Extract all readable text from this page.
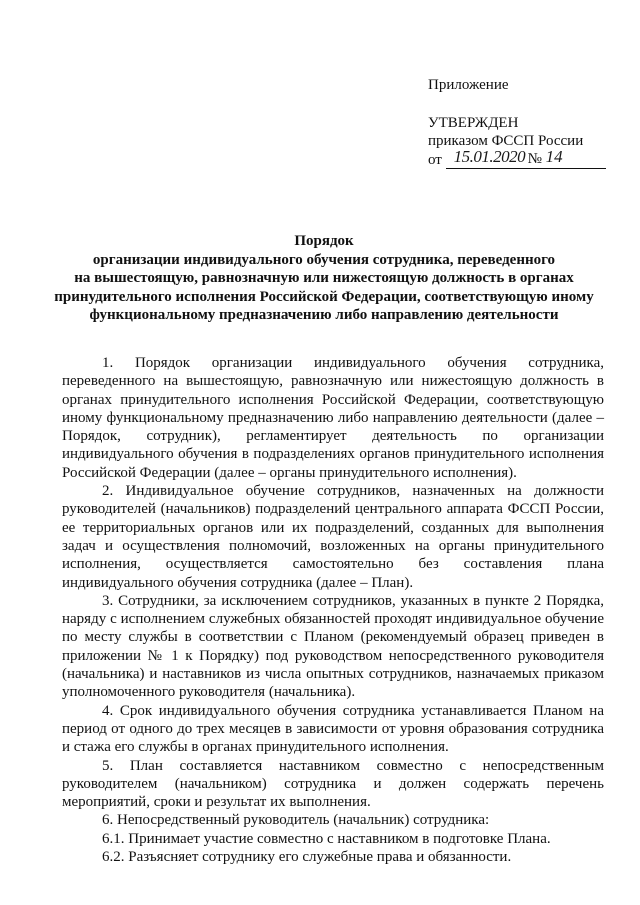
Приложение
УТВЕРЖДЕН
приказом ФССП России
от 15.01.2020 № 14
Порядок
организации индивидуального обучения сотрудника, переведенного
на вышестоящую, равнозначную или нижестоящую должность в органах
принудительного исполнения Российской Федерации, соответствующую иному
функциональному предназначению либо направлению деятельности

1. Порядок организации индивидуального обучения сотрудника, переведенного на вышестоящую, равнозначную или нижестоящую должность в органах принудительного исполнения Российской Федерации, соответствующую иному функциональному предназначению либо направлению деятельности (далее – Порядок, сотрудник), регламентирует деятельность по организации индивидуального обучения в подразделениях органов принудительного исполнения Российской Федерации (далее – органы принудительного исполнения).

2. Индивидуальное обучение сотрудников, назначенных на должности руководителей (начальников) подразделений центрального аппарата ФССП России, ее территориальных органов или их подразделений, созданных для выполнения задач и осуществления полномочий, возложенных на органы принудительного исполнения, осуществляется самостоятельно без составления плана индивидуального обучения сотрудника (далее – План).

3. Сотрудники, за исключением сотрудников, указанных в пункте 2 Порядка, наряду с исполнением служебных обязанностей проходят индивидуальное обучение по месту службы в соответствии с Планом (рекомендуемый образец приведен в приложении № 1 к Порядку) под руководством непосредственного руководителя (начальника) и наставников из числа опытных сотрудников, назначаемых приказом уполномоченного руководителя (начальника).

4. Срок индивидуального обучения сотрудника устанавливается Планом на период от одного до трех месяцев в зависимости от уровня образования сотрудника и стажа его службы в органах принудительного исполнения.

5. План составляется наставником совместно с непосредственным руководителем (начальником) сотрудника и должен содержать перечень мероприятий, сроки и результат их выполнения.

6. Непосредственный руководитель (начальник) сотрудника:

6.1. Принимает участие совместно с наставником в подготовке Плана.

6.2. Разъясняет сотруднику его служебные права и обязанности.
